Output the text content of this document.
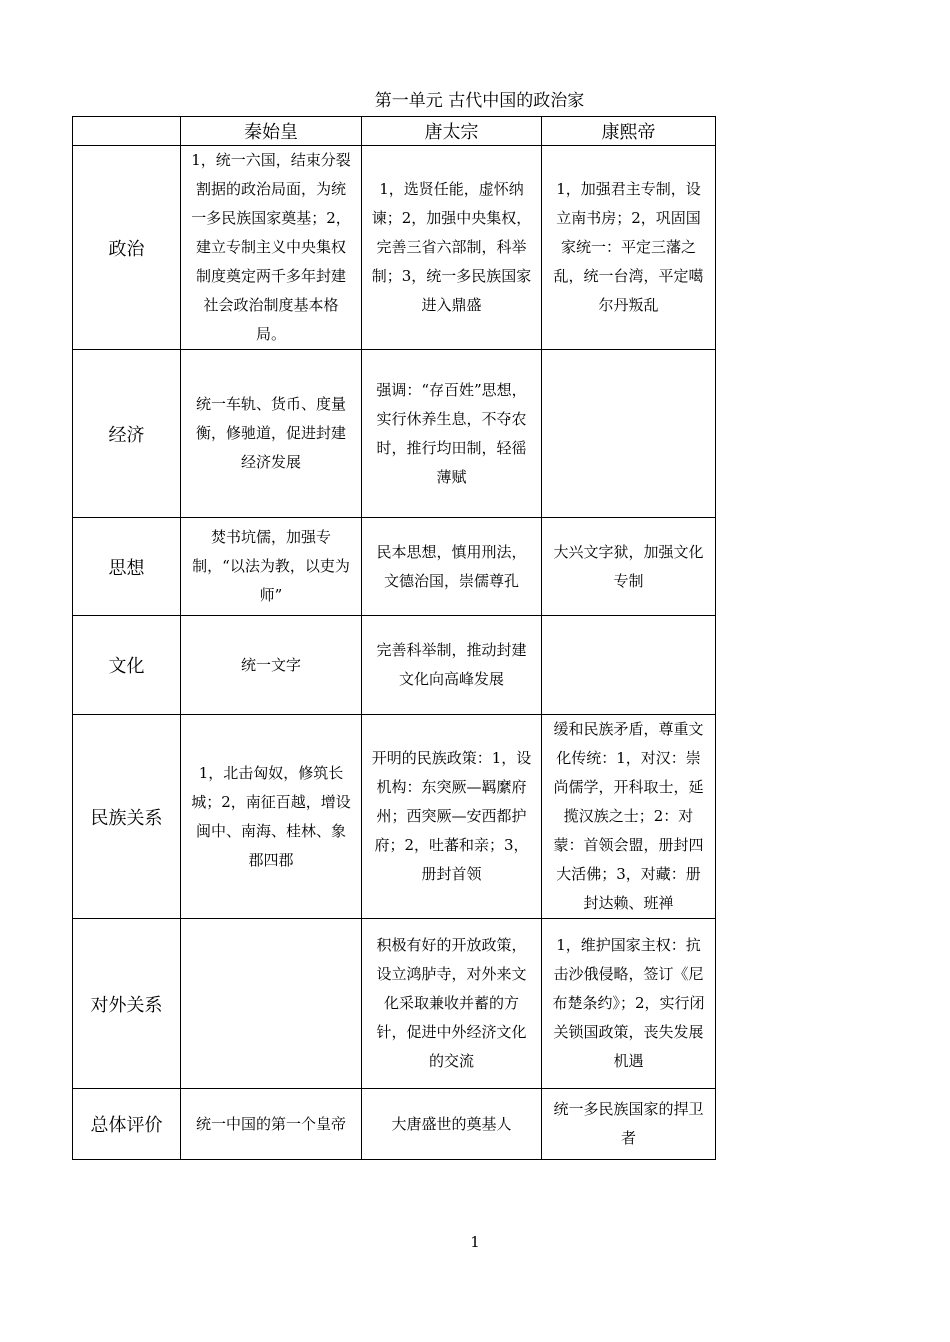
第一单元 古代中国的政治家
	秦始皇	唐太宗	康熙帝
政治	1，统一六国，结束分裂割据的政治局面，为统一多民族国家奠基；2，建立专制主义中央集权制度奠定两千多年封建社会政治制度基本格局。	1，选贤任能，虚怀纳谏；2，加强中央集权，完善三省六部制，科举制；3，统一多民族国家进入鼎盛	1，加强君主专制，设立南书房；2，巩固国家统一：平定三藩之乱，统一台湾，平定噶尔丹叛乱
经济	统一车轨、货币、度量衡，修驰道，促进封建经济发展	强调：“存百姓”思想，实行休养生息，不夺农时，推行均田制，轻徭薄赋	
思想	焚书坑儒，加强专制，“以法为教，以吏为师”	民本思想，慎用刑法，文德治国，崇儒尊孔	大兴文字狱，加强文化专制
文化	统一文字	完善科举制，推动封建文化向高峰发展	
民族关系	1，北击匈奴，修筑长城；2，南征百越，增设闽中、南海、桂林、象郡四郡	开明的民族政策：1，设机构：东突厥—羁縻府州；西突厥—安西都护府；2，吐蕃和亲；3，册封首领	缓和民族矛盾，尊重文化传统：1，对汉：崇尚儒学，开科取士，延揽汉族之士；2：对蒙：首领会盟，册封四大活佛；3，对藏：册封达赖、班禅
对外关系		积极有好的开放政策，设立鸿胪寺，对外来文化采取兼收并蓄的方针，促进中外经济文化的交流	1，维护国家主权：抗击沙俄侵略，签订《尼布楚条约》；2，实行闭关锁国政策，丧失发展机遇
总体评价	统一中国的第一个皇帝	大唐盛世的奠基人	统一多民族国家的捍卫者
1
